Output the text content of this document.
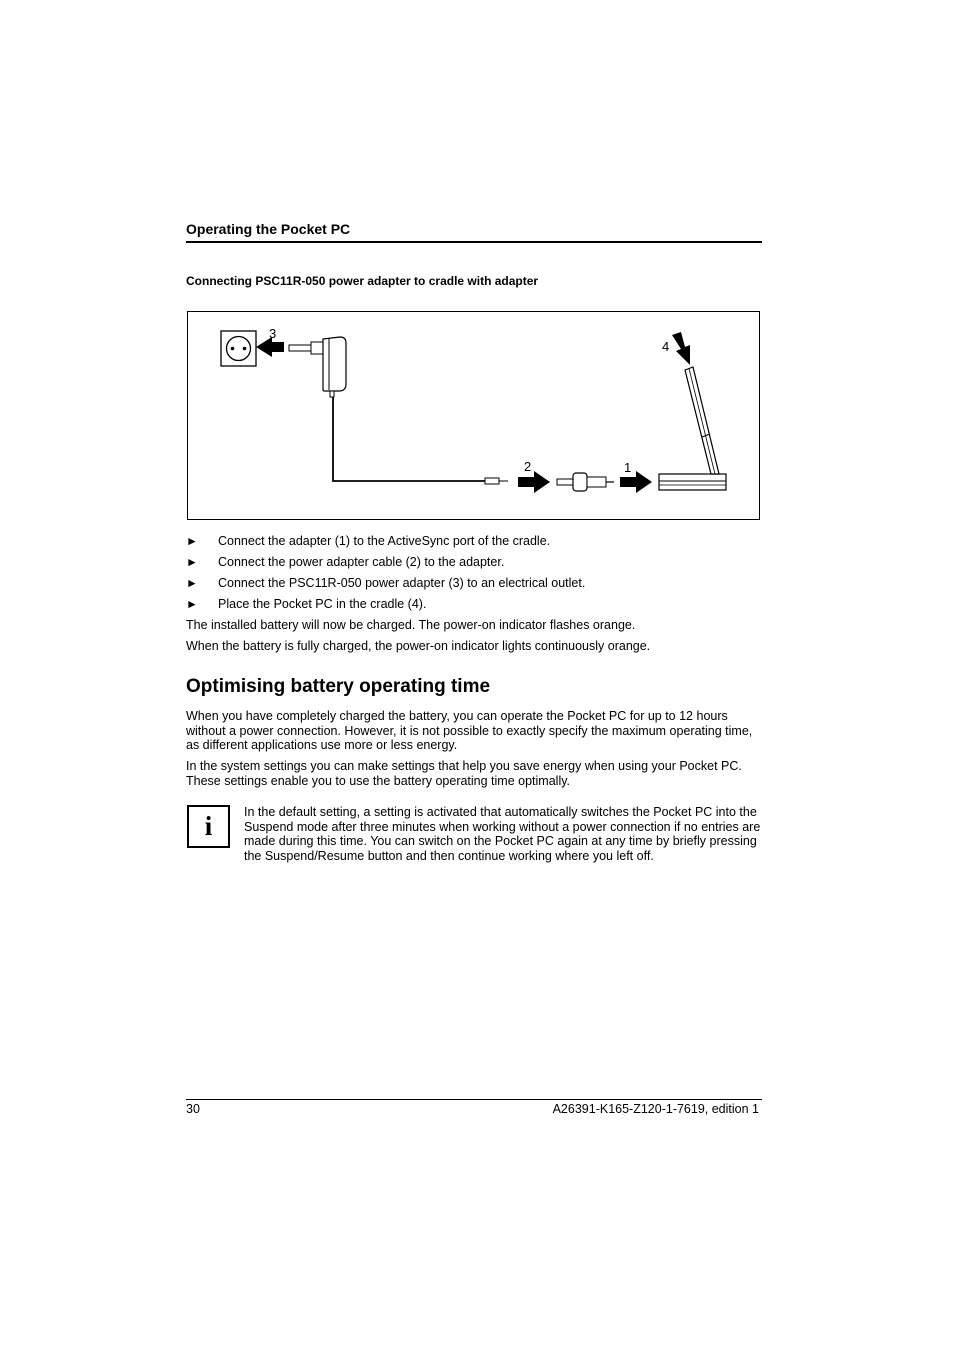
Operating the Pocket PC
Connecting PSC11R-050 power adapter to cradle with adapter
3
4
2	1
► Connect the adapter (1) to the ActiveSync port of the cradle.
► Connect the power adapter cable (2) to the adapter.
► Connect the PSC11R-050 power adapter (3) to an electrical outlet.
► Place the Pocket PC in the cradle (4).
The installed battery will now be charged. The power-on indicator flashes orange.
When the battery is fully charged, the power-on indicator lights continuously orange.
Optimising battery operating time
When you have completely charged the battery, you can operate the Pocket PC for up to 12 hours without a power connection. However, it is not possible to exactly specify the maximum operating time, as different applications use more or less energy.
In the system settings you can make settings that help you save energy when using your Pocket PC. These settings enable you to use the battery operating time optimally.
i	In the default setting, a setting is activated that automatically switches the Pocket PC into the Suspend mode after three minutes when working without a power connection if no entries are made during this time. You can switch on the Pocket PC again at any time by briefly pressing the Suspend/Resume button and then continue working where you left off.
30	A26391-K165-Z120-1-7619, edition 1
